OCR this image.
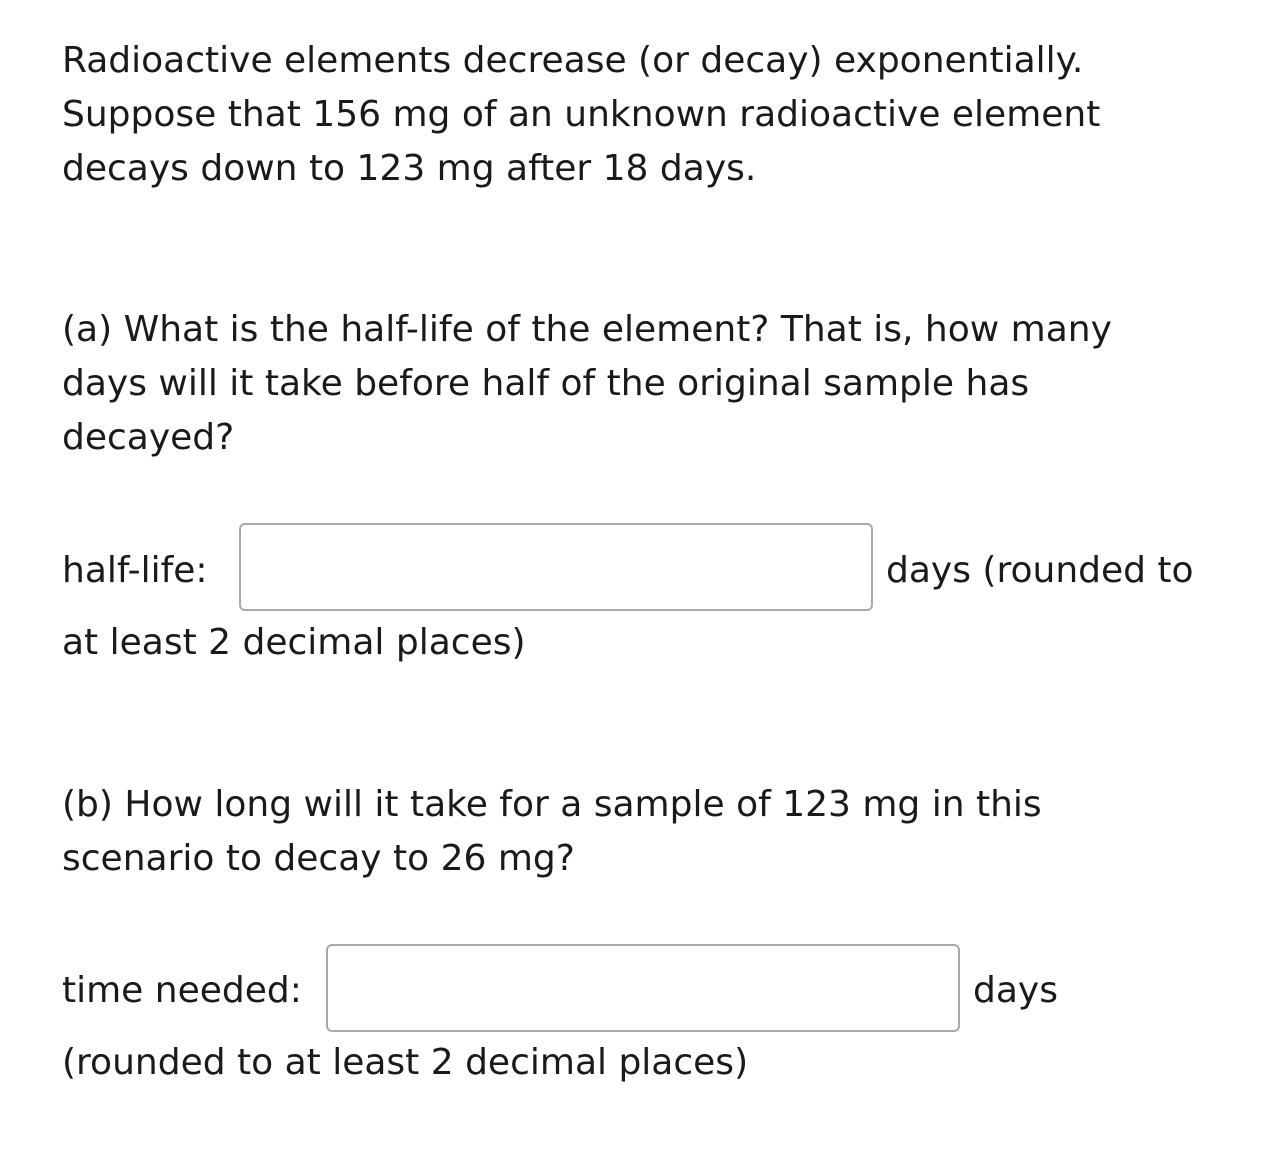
Radioactive elements decrease (or decay) exponentially.

Suppose that 156 mg of an unknown radioactive element

decays down to 123 mg after 18 days.

(a) What is the half-life of the element? That is, how many

days will it take before half of the original sample has

decayed?

half-life:	days (rounded to

at least 2 decimal places)

(b) How long will it take for a sample of 123 mg in this

scenario to decay to 26 mg?

time needed:	days

(rounded to at least 2 decimal places)
